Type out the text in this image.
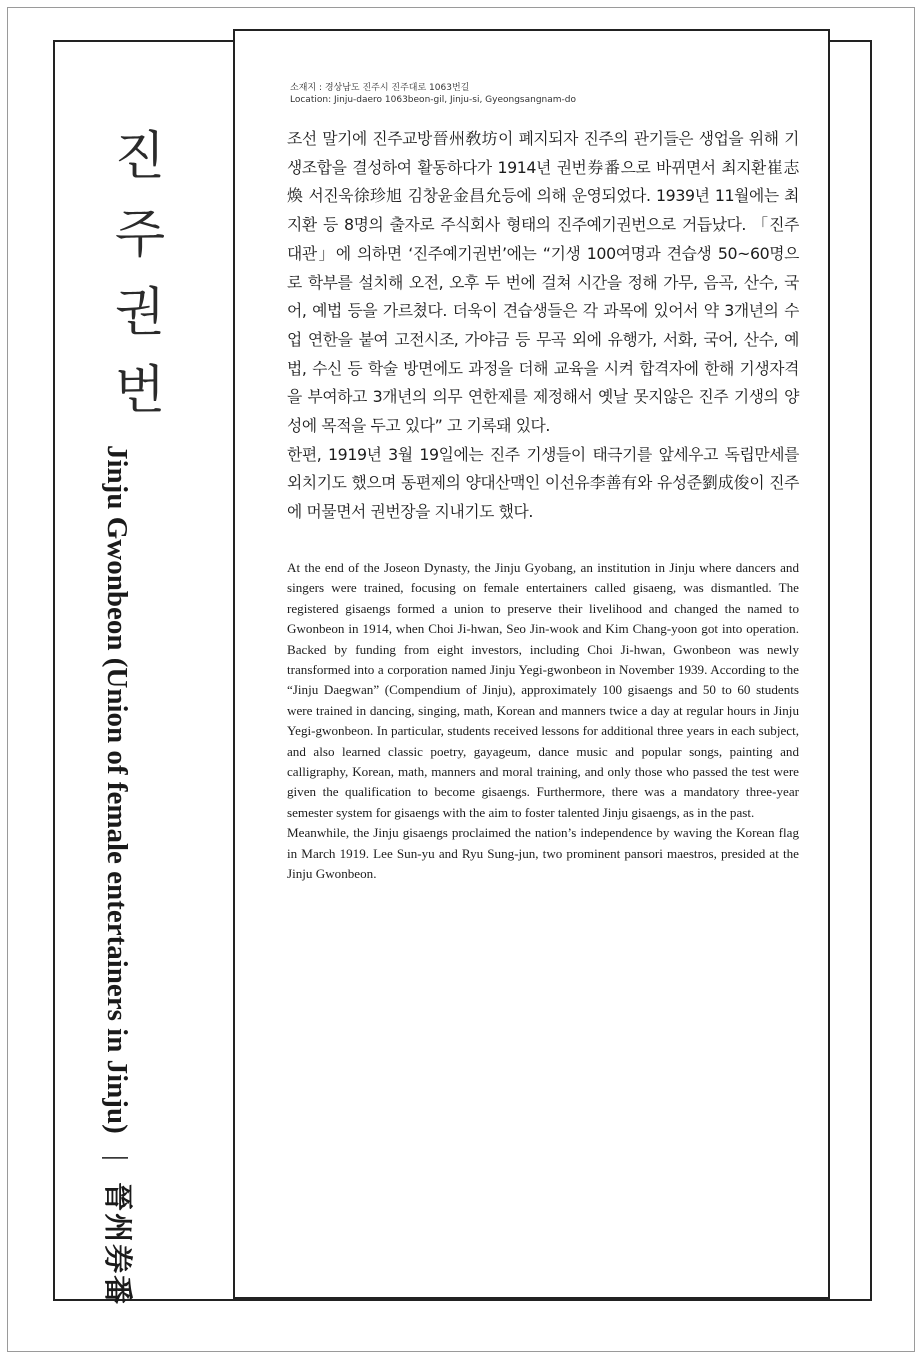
진
주
권
번
Jinju Gwonbeon (Union of female entertainers in Jinju) | 晉州券番
소재지 : 경상남도 진주시 진주대로 1063번길
Location: Jinju-daero 1063beon-gil, Jinju-si, Gyeongsangnam-do

조선 말기에 진주교방晉州敎坊이 폐지되자 진주의 관기들은 생업을 위해 기생조합을 결성하여 활동하다가 1914년 권번券番으로 바뀌면서 최지환崔志煥 서진욱徐珍旭 김창윤金昌允등에 의해 운영되었다. 1939년 11월에는 최지환 등 8명의 출자로 주식회사 형태의 진주예기권번으로 거듭났다. 「진주대관」에 의하면 ‘진주예기권번’에는 “기생 100여명과 견습생 50~60명으로 학부를 설치해 오전, 오후 두 번에 걸쳐 시간을 정해 가무, 음곡, 산수, 국어, 예법 등을 가르쳤다. 더욱이 견습생들은 각 과목에 있어서 약 3개년의 수업 연한을 붙여 고전시조, 가야금 등 무곡 외에 유행가, 서화, 국어, 산수, 예법, 수신 등 학술 방면에도 과정을 더해 교육을 시켜 합격자에 한해 기생자격을 부여하고 3개년의 의무 연한제를 제정해서 옛날 못지않은 진주 기생의 양성에 목적을 두고 있다” 고 기록돼 있다.

한편, 1919년 3월 19일에는 진주 기생들이 태극기를 앞세우고 독립만세를 외치기도 했으며 동편제의 양대산맥인 이선유李善有와 유성준劉成俊이 진주에 머물면서 권번장을 지내기도 했다.

At the end of the Joseon Dynasty, the Jinju Gyobang, an institution in Jinju where dancers and singers were trained, focusing on female entertainers called gisaeng, was dismantled. The registered gisaengs formed a union to preserve their livelihood and changed the named to Gwonbeon in 1914, when Choi Ji-hwan, Seo Jin-wook and Kim Chang-yoon got into operation. Backed by funding from eight investors, including Choi Ji-hwan, Gwonbeon was newly transformed into a corporation named Jinju Yegi-gwonbeon in November 1939. According to the “Jinju Daegwan” (Compendium of Jinju), approximately 100 gisaengs and 50 to 60 students were trained in dancing, singing, math, Korean and manners twice a day at regular hours in Jinju Yegi-gwonbeon. In particular, students received lessons for additional three years in each subject, and also learned classic poetry, gayageum, dance music and popular songs, painting and calligraphy, Korean, math, manners and moral training, and only those who passed the test were given the qualification to become gisaengs. Furthermore, there was a mandatory three-year semester system for gisaengs with the aim to foster talented Jinju gisaengs, as in the past.

Meanwhile, the Jinju gisaengs proclaimed the nation’s independence by waving the Korean flag in March 1919. Lee Sun-yu and Ryu Sung-jun, two prominent pansori maestros, presided at the Jinju Gwonbeon.
